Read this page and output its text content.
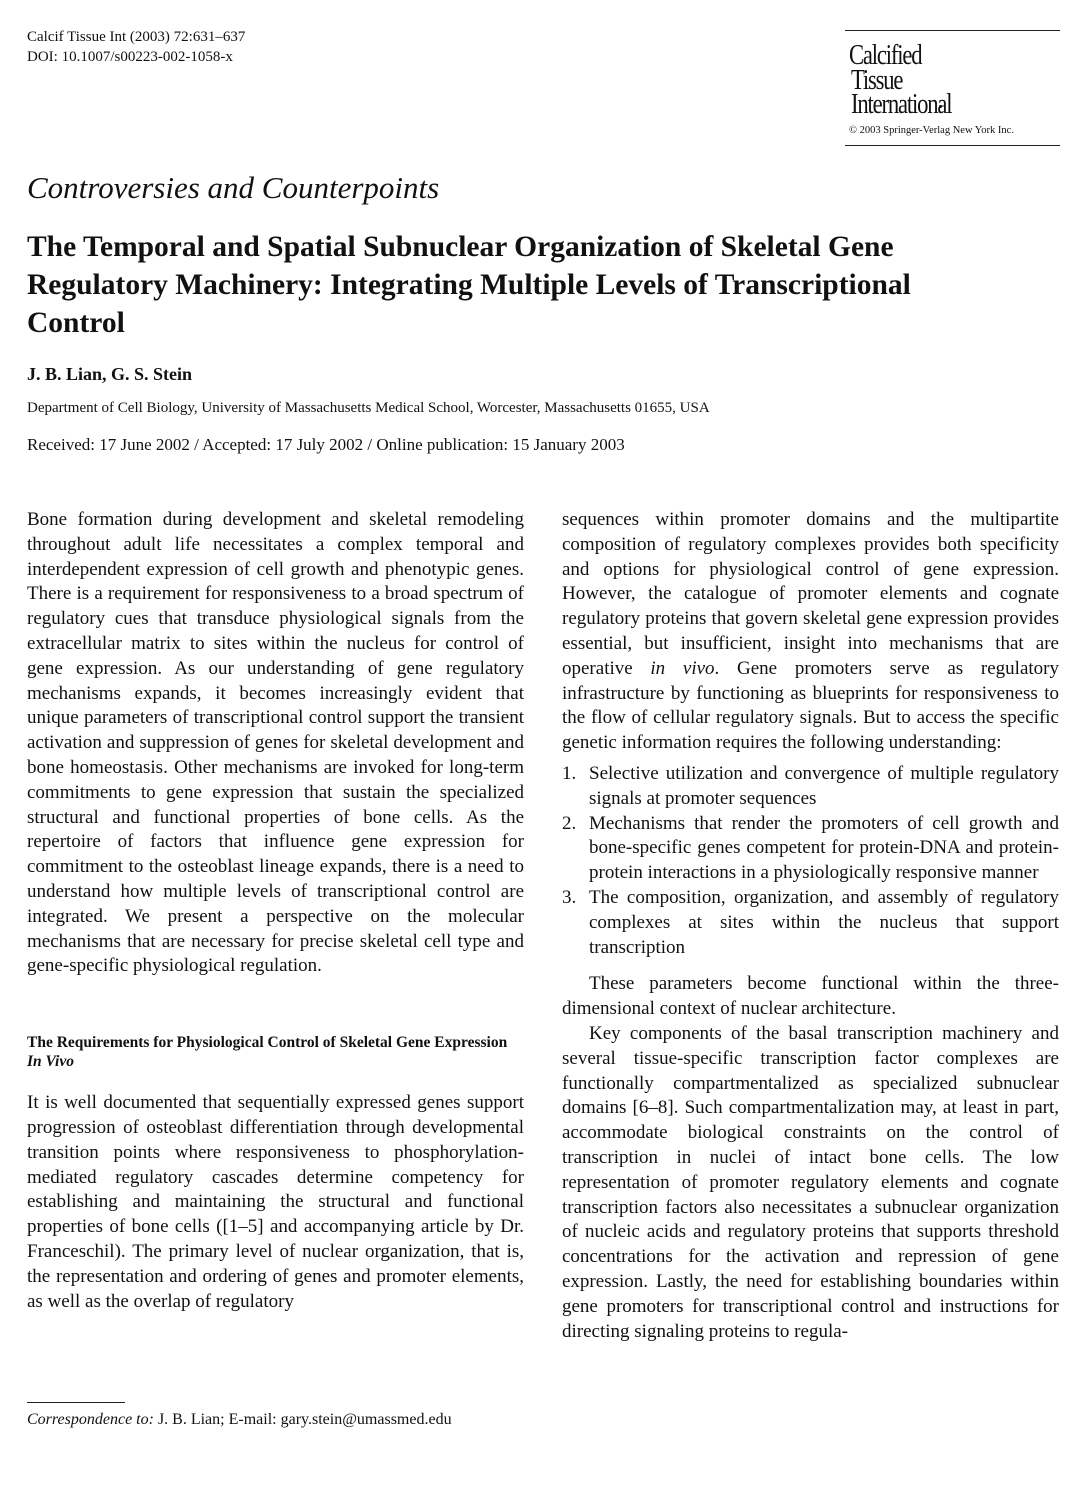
Calcif Tissue Int (2003) 72:631–637
DOI: 10.1007/s00223-002-1058-x	Calcified
Tissue
International
© 2003 Springer-Verlag New York Inc.
Controversies and Counterpoints
The Temporal and Spatial Subnuclear Organization of Skeletal Gene Regulatory Machinery: Integrating Multiple Levels of Transcriptional Control
J. B. Lian, G. S. Stein
Department of Cell Biology, University of Massachusetts Medical School, Worcester, Massachusetts 01655, USA
Received: 17 June 2002 / Accepted: 17 July 2002 / Online publication: 15 January 2003

Bone formation during development and skeletal remodeling throughout adult life necessitates a complex temporal and interdependent expression of cell growth and phenotypic genes. There is a requirement for responsiveness to a broad spectrum of regulatory cues that transduce physiological signals from the extracellular matrix to sites within the nucleus for control of gene expression. As our understanding of gene regulatory mechanisms expands, it becomes increasingly evident that unique parameters of transcriptional control support the transient activation and suppression of genes for skeletal development and bone homeostasis. Other mechanisms are invoked for long-term commitments to gene expression that sustain the specialized structural and functional properties of bone cells. As the repertoire of factors that influence gene expression for commitment to the osteoblast lineage expands, there is a need to understand how multiple levels of transcriptional control are integrated. We present a perspective on the molecular mechanisms that are necessary for precise skeletal cell type and gene-specific physiological regulation.

The Requirements for Physiological Control of Skeletal Gene Expression In Vivo

It is well documented that sequentially expressed genes support progression of osteoblast differentiation through developmental transition points where responsiveness to phosphorylation-mediated regulatory cascades determine competency for establishing and maintaining the structural and functional properties of bone cells ([1–5] and accompanying article by Dr. Franceschil). The primary level of nuclear organization, that is, the representation and ordering of genes and promoter elements, as well as the overlap of regulatory

sequences within promoter domains and the multipartite composition of regulatory complexes provides both specificity and options for physiological control of gene expression. However, the catalogue of promoter elements and cognate regulatory proteins that govern skeletal gene expression provides essential, but insufficient, insight into mechanisms that are operative in vivo. Gene promoters serve as regulatory infrastructure by functioning as blueprints for responsiveness to the flow of cellular regulatory signals. But to access the specific genetic information requires the following understanding:

1. Selective utilization and convergence of multiple regulatory signals at promoter sequences
2. Mechanisms that render the promoters of cell growth and bone-specific genes competent for protein-DNA and protein-protein interactions in a physiologically responsive manner
3. The composition, organization, and assembly of regulatory complexes at sites within the nucleus that support transcription

These parameters become functional within the three-dimensional context of nuclear architecture.

Key components of the basal transcription machinery and several tissue-specific transcription factor complexes are functionally compartmentalized as specialized subnuclear domains [6–8]. Such compartmentalization may, at least in part, accommodate biological constraints on the control of transcription in nuclei of intact bone cells. The low representation of promoter regulatory elements and cognate transcription factors also necessitates a subnuclear organization of nucleic acids and regulatory proteins that supports threshold concentrations for the activation and repression of gene expression. Lastly, the need for establishing boundaries within gene promoters for transcriptional control and instructions for directing signaling proteins to regula-

Correspondence to: J. B. Lian; E-mail: gary.stein@umassmed.edu
